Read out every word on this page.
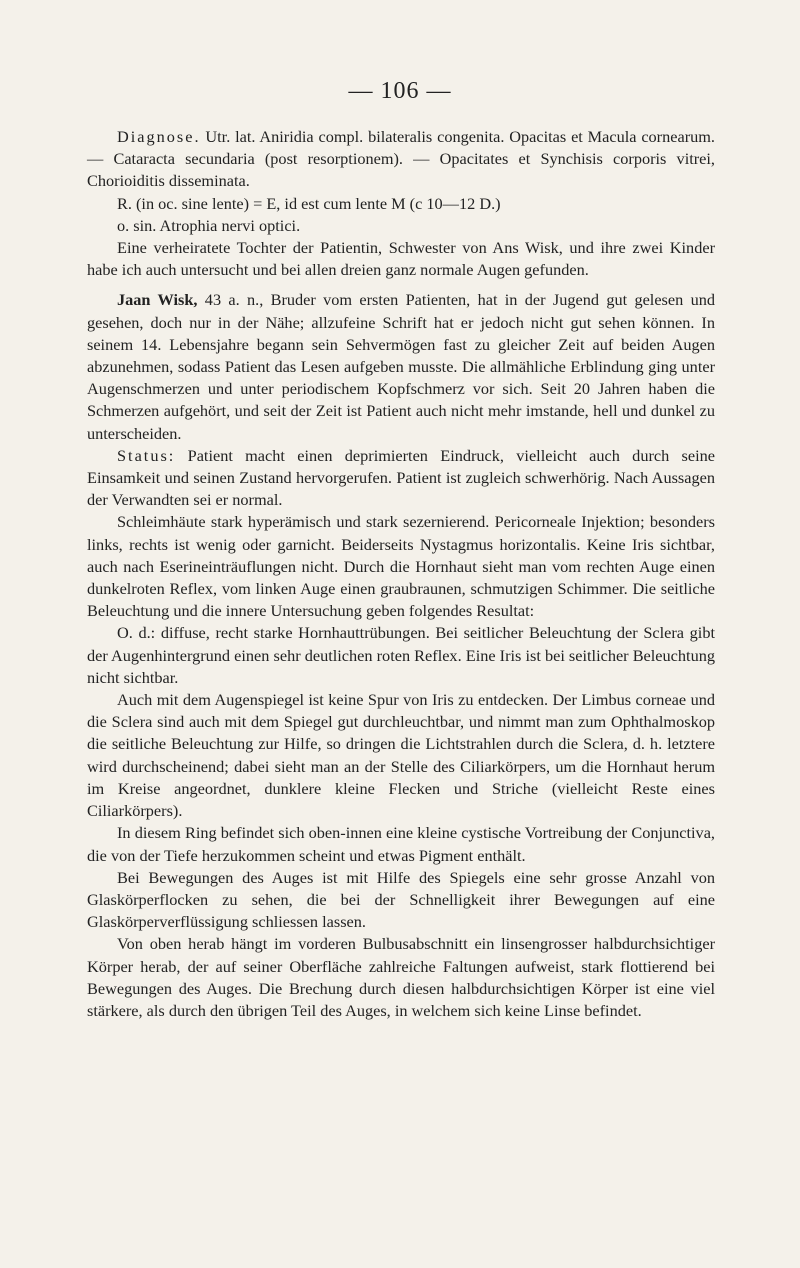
— 106 —

Diagnose. Utr. lat. Aniridia compl. bilateralis congenita. Opacitas et Macula cornearum. — Cataracta secundaria (post resorptionem). — Opacitates et Synchisis corporis vitrei, Chorioiditis disseminata.

R. (in oc. sine lente) = E, id est cum lente M (c 10—12 D.)

o. sin. Atrophia nervi optici.

Eine verheiratete Tochter der Patientin, Schwester von Ans Wisk, und ihre zwei Kinder habe ich auch untersucht und bei allen dreien ganz normale Augen gefunden.

Jaan Wisk, 43 a. n., Bruder vom ersten Patienten, hat in der Jugend gut gelesen und gesehen, doch nur in der Nähe; allzufeine Schrift hat er jedoch nicht gut sehen können. In seinem 14. Lebensjahre begann sein Sehvermögen fast zu gleicher Zeit auf beiden Augen abzunehmen, sodass Patient das Lesen aufgeben musste. Die allmähliche Erblindung ging unter Augenschmerzen und unter periodischem Kopfschmerz vor sich. Seit 20 Jahren haben die Schmerzen aufgehört, und seit der Zeit ist Patient auch nicht mehr imstande, hell und dunkel zu unterscheiden.

Status: Patient macht einen deprimierten Eindruck, vielleicht auch durch seine Einsamkeit und seinen Zustand hervorgerufen. Patient ist zugleich schwerhörig. Nach Aussagen der Verwandten sei er normal.

Schleimhäute stark hyperämisch und stark sezernierend. Pericorneale Injektion; besonders links, rechts ist wenig oder garnicht. Beiderseits Nystagmus horizontalis. Keine Iris sichtbar, auch nach Eserineinträuflungen nicht. Durch die Hornhaut sieht man vom rechten Auge einen dunkelroten Reflex, vom linken Auge einen graubraunen, schmutzigen Schimmer. Die seitliche Beleuchtung und die innere Untersuchung geben folgendes Resultat:

O. d.: diffuse, recht starke Hornhauttrübungen. Bei seitlicher Beleuchtung der Sclera gibt der Augenhintergrund einen sehr deutlichen roten Reflex. Eine Iris ist bei seitlicher Beleuchtung nicht sichtbar.

Auch mit dem Augenspiegel ist keine Spur von Iris zu entdecken. Der Limbus corneae und die Sclera sind auch mit dem Spiegel gut durchleuchtbar, und nimmt man zum Ophthalmoskop die seitliche Beleuchtung zur Hilfe, so dringen die Lichtstrahlen durch die Sclera, d. h. letztere wird durchscheinend; dabei sieht man an der Stelle des Ciliarkörpers, um die Hornhaut herum im Kreise angeordnet, dunklere kleine Flecken und Striche (vielleicht Reste eines Ciliarkörpers).

In diesem Ring befindet sich oben-innen eine kleine cystische Vortreibung der Conjunctiva, die von der Tiefe herzukommen scheint und etwas Pigment enthält.

Bei Bewegungen des Auges ist mit Hilfe des Spiegels eine sehr grosse Anzahl von Glaskörperflocken zu sehen, die bei der Schnelligkeit ihrer Bewegungen auf eine Glaskörperverflüssigung schliessen lassen.

Von oben herab hängt im vorderen Bulbusabschnitt ein linsengrosser halbdurchsichtiger Körper herab, der auf seiner Oberfläche zahlreiche Faltungen aufweist, stark flottierend bei Bewegungen des Auges. Die Brechung durch diesen halbdurchsichtigen Körper ist eine viel stärkere, als durch den übrigen Teil des Auges, in welchem sich keine Linse befindet.
